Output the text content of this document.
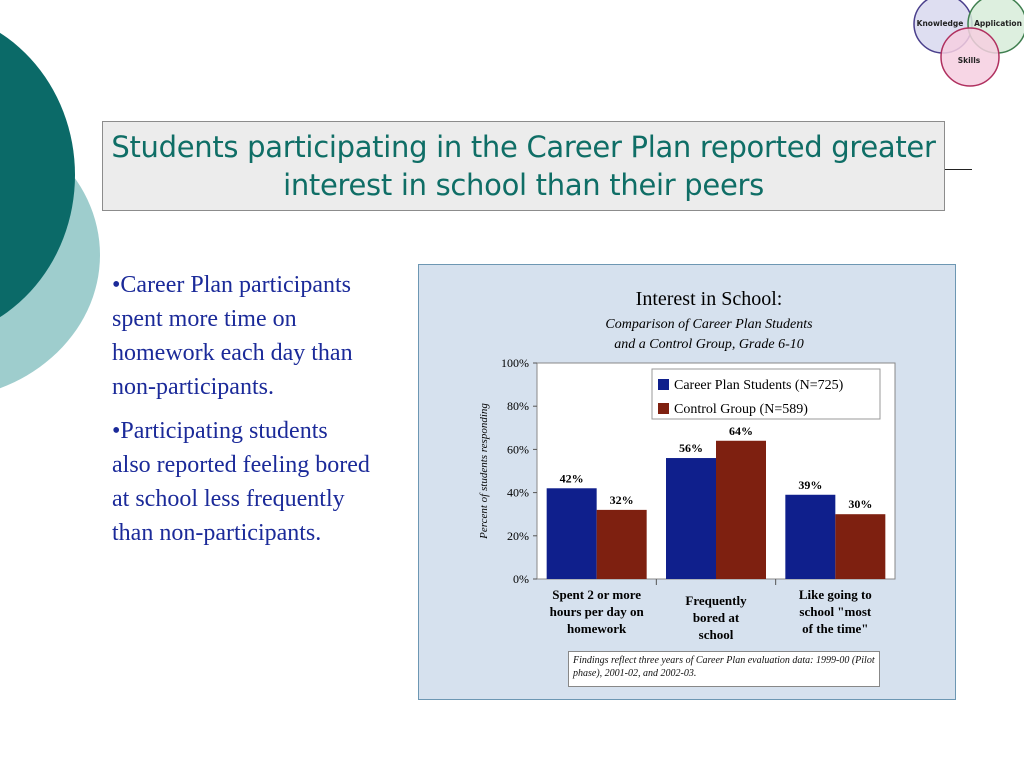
Knowledge Application
Skills
Students participating in the Career Plan reported greater interest in school than their peers

•Career Plan participants spent more time on homework each day than non-participants.

•Participating students also reported feeling bored at school less frequently than non-participants.

Interest in School:
Comparison of Career Plan Students
and a Control Group, Grade 6-10
0%
20%
40%
60%
80%
100%
Percent of students responding	42%
32%
Spent 2 or more
hours per day on
homework
56%
64%
Frequently
bored at
school
39%
30%
Like going to
school "most
of the time"
Career Plan Students (N=725)
Control Group (N=589)
Findings reflect three years of Career Plan evaluation data: 1999-00 (Pilot phase), 2001-02, and 2002-03.
